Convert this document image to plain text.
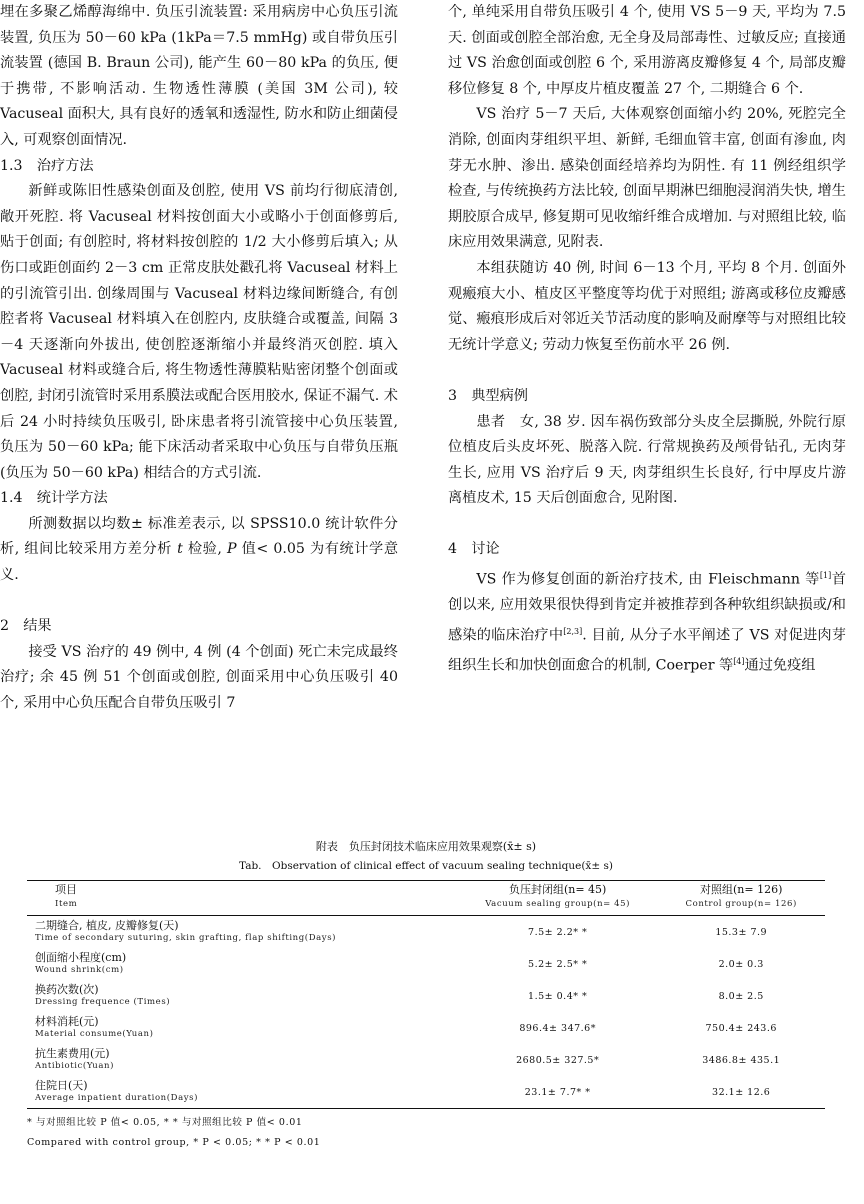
埋在多聚乙烯醇海绵中. 负压引流装置: 采用病房中心负压引流装置, 负压为 50－60 kPa (1kPa＝7.5 mmHg) 或自带负压引流装置 (德国 B. Braun 公司), 能产生 60－80 kPa 的负压, 便于携带, 不影响活动. 生物透性薄膜 (美国 3M 公司), 较 Vacuseal 面积大, 具有良好的透氧和透湿性, 防水和防止细菌侵入, 可观察创面情况.

1.3　治疗方法

新鲜或陈旧性感染创面及创腔, 使用 VS 前均行彻底清创, 敞开死腔. 将 Vacuseal 材料按创面大小或略小于创面修剪后, 贴于创面; 有创腔时, 将材料按创腔的 1/2 大小修剪后填入; 从伤口或距创面约 2－3 cm 正常皮肤处戳孔将 Vacuseal 材料上的引流管引出. 创缘周围与 Vacuseal 材料边缘间断缝合, 有创腔者将 Vacuseal 材料填入在创腔内, 皮肤缝合或覆盖, 间隔 3－4 天逐渐向外拔出, 使创腔逐渐缩小并最终消灭创腔. 填入 Vacuseal 材料或缝合后, 将生物透性薄膜粘贴密闭整个创面或创腔, 封闭引流管时采用系膜法或配合医用胶水, 保证不漏气. 术后 24 小时持续负压吸引, 卧床患者将引流管接中心负压装置, 负压为 50－60 kPa; 能下床活动者采取中心负压与自带负压瓶 (负压为 50－60 kPa) 相结合的方式引流.

1.4　统计学方法

所测数据以均数± 标准差表示, 以 SPSS10.0 统计软件分析, 组间比较采用方差分析 t 检验, P 值< 0.05 为有统计学意义.

2　结果

接受 VS 治疗的 49 例中, 4 例 (4 个创面) 死亡未完成最终治疗; 余 45 例 51 个创面或创腔, 创面采用中心负压吸引 40 个, 采用中心负压配合自带负压吸引 7

个, 单纯采用自带负压吸引 4 个, 使用 VS 5－9 天, 平均为 7.5 天. 创面或创腔全部治愈, 无全身及局部毒性、过敏反应; 直接通过 VS 治愈创面或创腔 6 个, 采用游离皮瓣修复 4 个, 局部皮瓣移位修复 8 个, 中厚皮片植皮覆盖 27 个, 二期缝合 6 个.

VS 治疗 5－7 天后, 大体观察创面缩小约 20%, 死腔完全消除, 创面肉芽组织平坦、新鲜, 毛细血管丰富, 创面有渗血, 肉芽无水肿、渗出. 感染创面经培养均为阴性. 有 11 例经组织学检查, 与传统换药方法比较, 创面早期淋巴细胞浸润消失快, 增生期胶原合成早, 修复期可见收缩纤维合成增加. 与对照组比较, 临床应用效果满意, 见附表.

本组获随访 40 例, 时间 6－13 个月, 平均 8 个月. 创面外观瘢痕大小、植皮区平整度等均优于对照组; 游离或移位皮瓣感觉、瘢痕形成后对邻近关节活动度的影响及耐摩等与对照组比较无统计学意义; 劳动力恢复至伤前水平 26 例.

3　典型病例

患者　女, 38 岁. 因车祸伤致部分头皮全层撕脱, 外院行原位植皮后头皮坏死、脱落入院. 行常规换药及颅骨钻孔, 无肉芽生长, 应用 VS 治疗后 9 天, 肉芽组织生长良好, 行中厚皮片游离植皮术, 15 天后创面愈合, 见附图.

4　讨论

VS 作为修复创面的新治疗技术, 由 Fleischmann 等[1]首创以来, 应用效果很快得到肯定并被推荐到各种软组织缺损或/和感染的临床治疗中[2,3]. 目前, 从分子水平阐述了 VS 对促进肉芽组织生长和加快创面愈合的机制, Coerper 等[4]通过免疫组

附表　负压封闭技术临床应用效果观察(x̄± s)
Tab.　Observation of clinical effect of vacuum sealing technique(x̄± s)
项目
Item	负压封闭组(n= 45)
Vacuum sealing group(n= 45)	对照组(n= 126)
Control group(n= 126)

二期缝合, 植皮, 皮瓣修复(天)
Time of secondary suturing, skin grafting, flap shifting(Days)	7.5± 2.2* *	15.3± 7.9

创面缩小程度(cm)
Wound shrink(cm)	5.2± 2.5* *	2.0± 0.3

换药次数(次)
Dressing frequence (Times)	1.5± 0.4* *	8.0± 2.5

材料消耗(元)
Material consume(Yuan)	896.4± 347.6*	750.4± 243.6

抗生素费用(元)
Antibiotic(Yuan)	2680.5± 327.5*	3486.8± 435.1

住院日(天)
Average inpatient duration(Days)	23.1± 7.7* *	32.1± 12.6
* 与对照组比较 P 值< 0.05, * * 与对照组比较 P 值< 0.01
Compared with control group, * P < 0.05; * * P < 0.01
